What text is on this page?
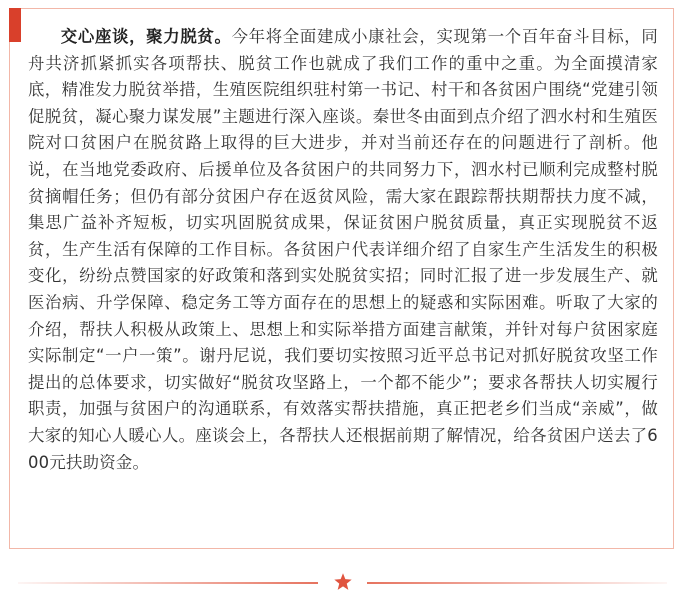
交心座谈，聚力脱贫。今年将全面建成小康社会，实现第一个百年奋斗目标，同舟共济抓紧抓实各项帮扶、脱贫工作也就成了我们工作的重中之重。为全面摸清家底，精准发力脱贫举措，生殖医院组织驻村第一书记、村干和各贫困户围绕“党建引领促脱贫，凝心聚力谋发展”主题进行深入座谈。秦世冬由面到点介绍了泗水村和生殖医院对口贫困户在脱贫路上取得的巨大进步，并对当前还存在的问题进行了剖析。他说，在当地党委政府、后援单位及各贫困户的共同努力下，泗水村已顺利完成整村脱贫摘帽任务；但仍有部分贫困户存在返贫风险，需大家在跟踪帮扶期帮扶力度不减，集思广益补齐短板，切实巩固脱贫成果，保证贫困户脱贫质量，真正实现脱贫不返贫，生产生活有保障的工作目标。各贫困户代表详细介绍了自家生产生活发生的积极变化，纷纷点赞国家的好政策和落到实处脱贫实招；同时汇报了进一步发展生产、就医治病、升学保障、稳定务工等方面存在的思想上的疑惑和实际困难。听取了大家的介绍，帮扶人积极从政策上、思想上和实际举措方面建言献策，并针对每户贫困家庭实际制定“一户一策”。谢丹尼说，我们要切实按照习近平总书记对抓好脱贫攻坚工作提出的总体要求，切实做好“脱贫攻坚路上，一个都不能少”；要求各帮扶人切实履行职责，加强与贫困户的沟通联系，有效落实帮扶措施，真正把老乡们当成“亲威”，做大家的知心人暖心人。座谈会上，各帮扶人还根据前期了解情况，给各贫困户送去了600元扶助资金。
